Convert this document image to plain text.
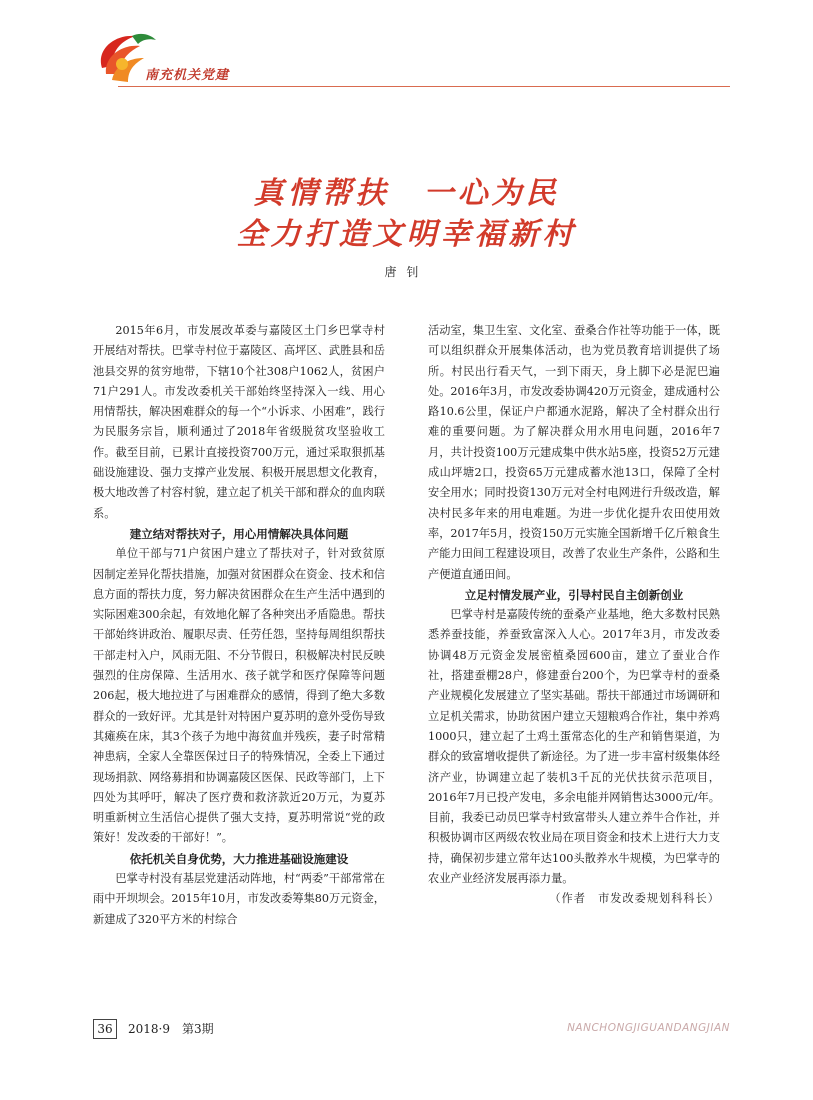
南充机关党建
真情帮扶　一心为民
全力打造文明幸福新村
唐钊

2015年6月，市发展改革委与嘉陵区土门乡巴掌寺村开展结对帮扶。巴掌寺村位于嘉陵区、高坪区、武胜县和岳池县交界的贫穷地带，下辖10个社308户1062人，贫困户71户291人。市发改委机关干部始终坚持深入一线、用心用情帮扶，解决困难群众的每一个“小诉求、小困难”，践行为民服务宗旨，顺利通过了2018年省级脱贫攻坚验收工作。截至目前，已累计直接投资700万元，通过采取狠抓基础设施建设、强力支撑产业发展、积极开展思想文化教育，极大地改善了村容村貌，建立起了机关干部和群众的血肉联系。

建立结对帮扶对子，用心用情解决具体问题

单位干部与71户贫困户建立了帮扶对子，针对致贫原因制定差异化帮扶措施，加强对贫困群众在资金、技术和信息方面的帮扶力度，努力解决贫困群众在生产生活中遇到的实际困难300余起，有效地化解了各种突出矛盾隐患。帮扶干部始终讲政治、履职尽责、任劳任怨，坚持每周组织帮扶干部走村入户，风雨无阻、不分节假日，积极解决村民反映强烈的住房保障、生活用水、孩子就学和医疗保障等问题206起，极大地拉进了与困难群众的感情，得到了绝大多数群众的一致好评。尤其是针对特困户夏苏明的意外受伤导致其瘫痪在床，其3个孩子为地中海贫血并残疾，妻子时常精神患病，全家人全靠医保过日子的特殊情况，全委上下通过现场捐款、网络募捐和协调嘉陵区医保、民政等部门，上下四处为其呼吁，解决了医疗费和救济款近20万元，为夏苏明重新树立生活信心提供了强大支持，夏苏明常说“党的政策好！发改委的干部好！”。

依托机关自身优势，大力推进基础设施建设

巴掌寺村没有基层党建活动阵地，村“两委”干部常常在雨中开坝坝会。2015年10月，市发改委筹集80万元资金，新建成了320平方米的村综合

活动室，集卫生室、文化室、蚕桑合作社等功能于一体，既可以组织群众开展集体活动，也为党员教育培训提供了场所。村民出行看天气，一到下雨天，身上脚下必是泥巴遍处。2016年3月，市发改委协调420万元资金，建成通村公路10.6公里，保证户户都通水泥路，解决了全村群众出行难的重要问题。为了解决群众用水用电问题，2016年7月，共计投资100万元建成集中供水站5座，投资52万元建成山坪塘2口，投资65万元建成蓄水池13口，保障了全村安全用水；同时投资130万元对全村电网进行升级改造，解决村民多年来的用电难题。为进一步优化提升农田使用效率，2017年5月，投资150万元实施全国新增千亿斤粮食生产能力田间工程建设项目，改善了农业生产条件，公路和生产便道直通田间。

立足村情发展产业，引导村民自主创新创业

巴掌寺村是嘉陵传统的蚕桑产业基地，绝大多数村民熟悉养蚕技能，养蚕致富深入人心。2017年3月，市发改委协调48万元资金发展密植桑园600亩，建立了蚕业合作社，搭建蚕棚28户，修建蚕台200个，为巴掌寺村的蚕桑产业规模化发展建立了坚实基础。帮扶干部通过市场调研和立足机关需求，协助贫困户建立天翅粮鸡合作社，集中养鸡1000只，建立起了土鸡土蛋常态化的生产和销售渠道，为群众的致富增收提供了新途径。为了进一步丰富村级集体经济产业，协调建立起了装机3千瓦的光伏扶贫示范项目，2016年7月已投产发电，多余电能并网销售达3000元/年。目前，我委已动员巴掌寺村致富带头人建立养牛合作社，并积极协调市区两级农牧业局在项目资金和技术上进行大力支持，确保初步建立常年达100头散养水牛规模，为巴掌寺的农业产业经济发展再添力量。

（作者　市发改委规划科科长）

36	2018·9　第3期	NANCHONGJIGUANDANGJIAN
